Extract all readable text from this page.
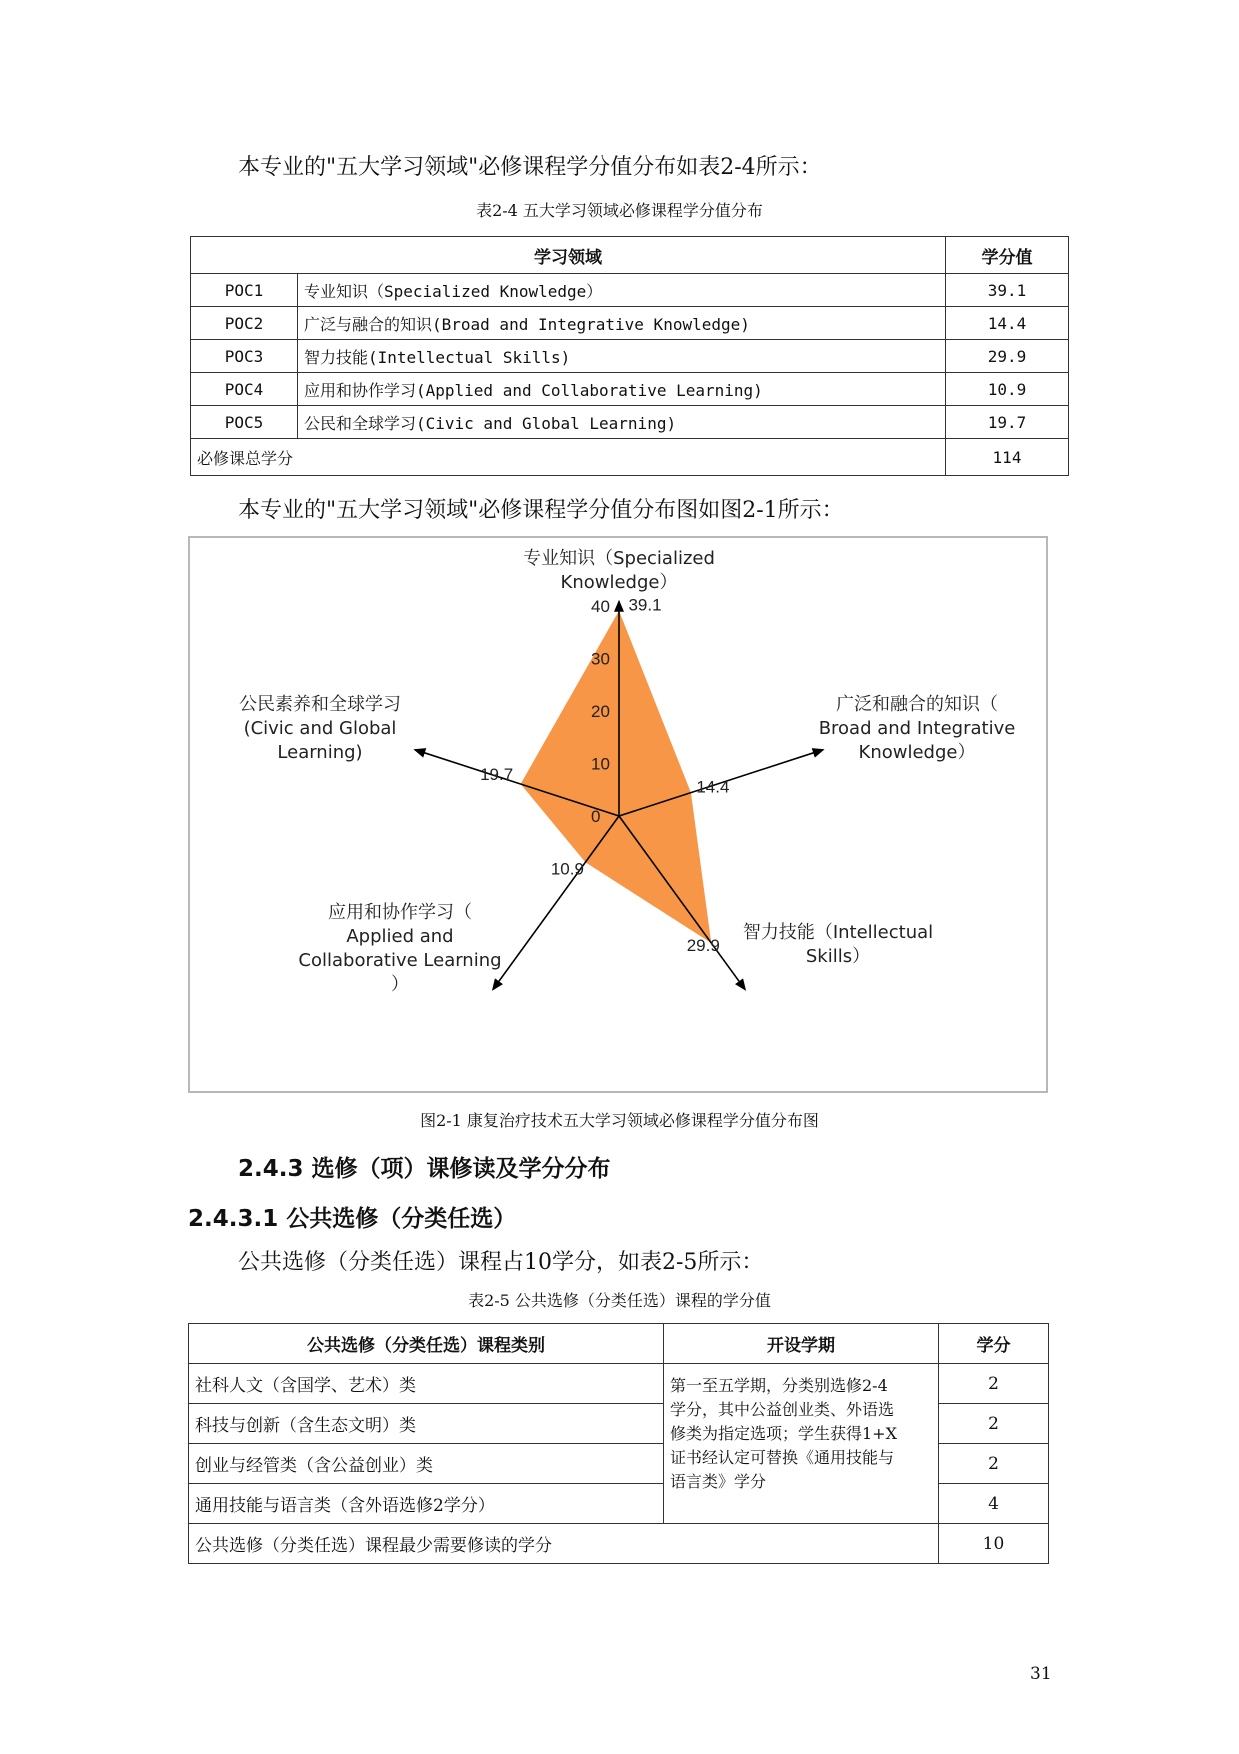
本专业的"五大学习领域"必修课程学分值分布如表2-4所示：
表2-4 五大学习领域必修课程学分值分布
学习领域		学分值
POC1	专业知识（Specialized Knowledge）	39.1
POC2	广泛与融合的知识(Broad and Integrative Knowledge)	14.4
POC3	智力技能(Intellectual Skills)	29.9
POC4	应用和协作学习(Applied and Collaborative Learning)	10.9
POC5	公民和全球学习(Civic and Global Learning)	19.7
必修课总学分		114
本专业的"五大学习领域"必修课程学分值分布图如图2-1所示：
0
10
20
30
40 39.1
14.4
29.9
10.9
19.7
专业知识（Specialized
Knowledge）
广泛和融合的知识（
Broad and Integrative
Knowledge）
智力技能（Intellectual
Skills）
应用和协作学习（
Applied and
Collaborative Learning
）
公民素养和全球学习
(Civic and Global
Learning)
图2-1 康复治疗技术五大学习领域必修课程学分值分布图
2.4.3 选修（项）课修读及学分分布
2.4.3.1 公共选修（分类任选）
公共选修（分类任选）课程占10学分，如表2-5所示：
表2-5 公共选修（分类任选）课程的学分值
公共选修（分类任选）课程类别	开设学期	学分
社科人文（含国学、艺术）类	第一至五学期，分类别选修2-4
学分，其中公益创业类、外语选
修类为指定选项；学生获得1+X
证书经认定可替换《通用技能与
语言类》学分	2
科技与创新（含生态文明）类		2
创业与经管类（含公益创业）类		2
通用技能与语言类（含外语选修2学分）		4
公共选修（分类任选）课程最少需要修读的学分		10
31
